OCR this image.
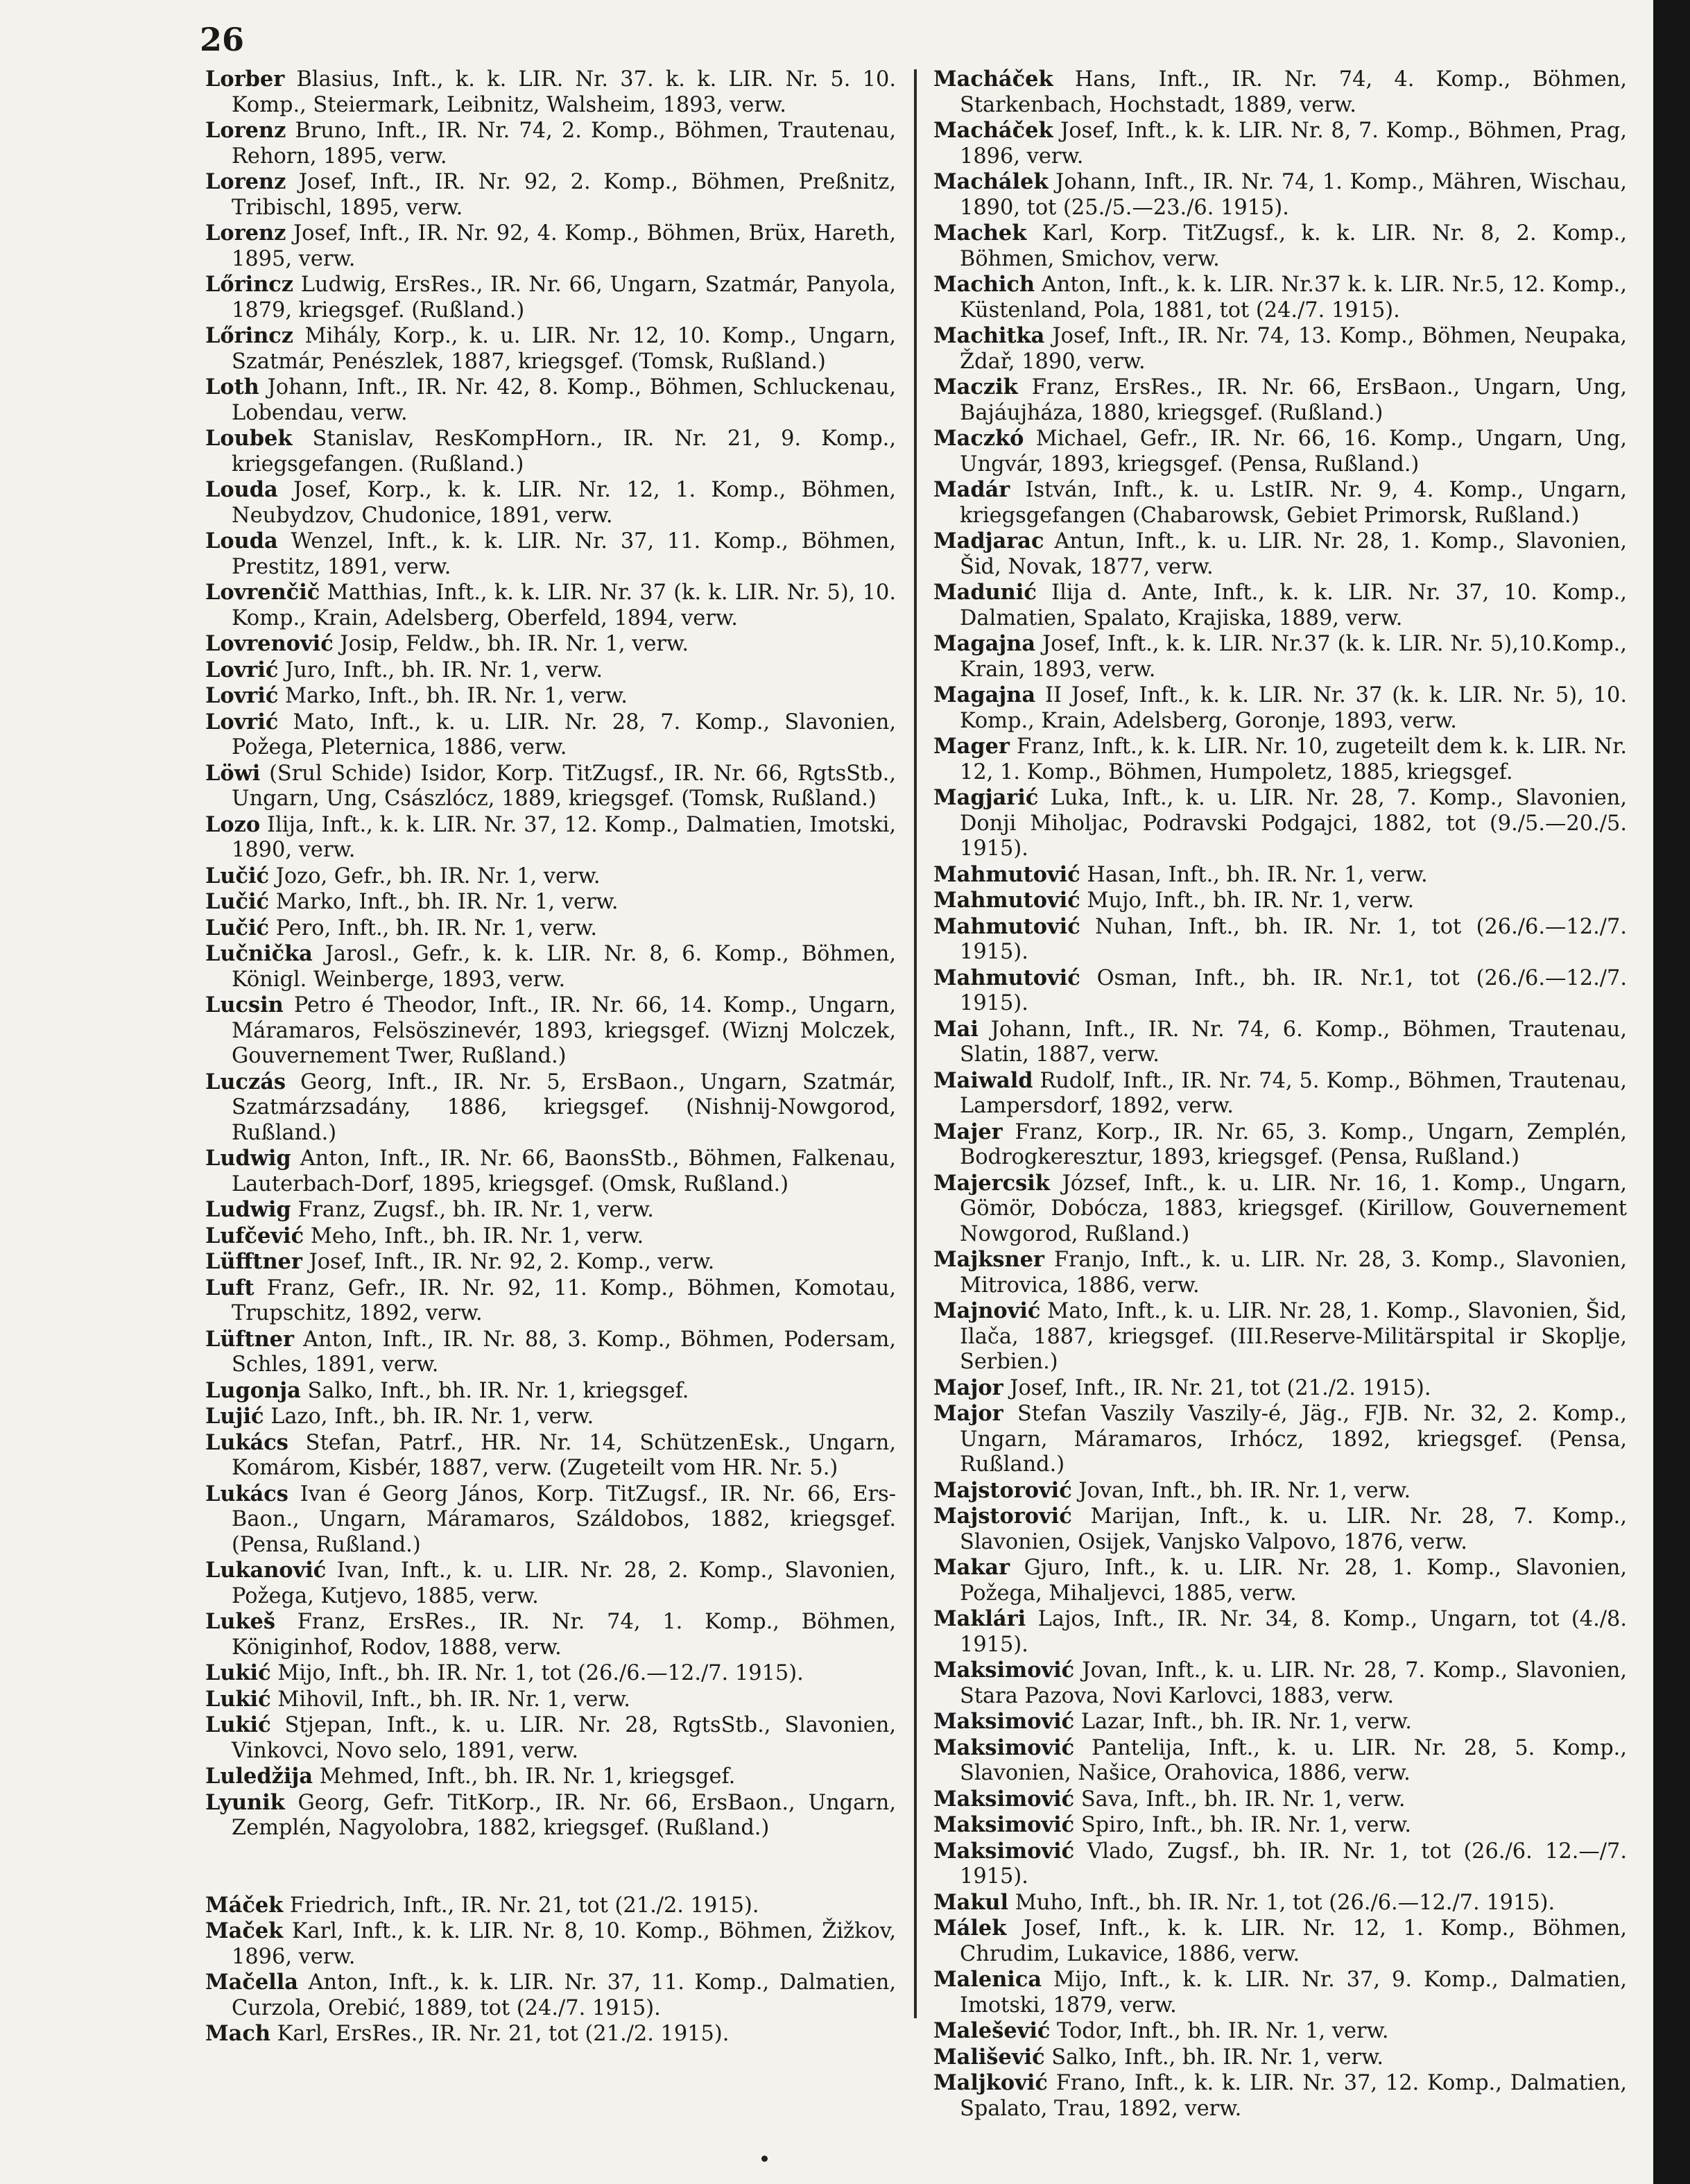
26

Lorber Blasius, Inft., k. k. LIR. Nr. 37. k. k. LIR. Nr. 5. 10. Komp., Steiermark, Leibnitz, Walsheim, 1893, verw.

Lorenz Bruno, Inft., IR. Nr. 74, 2. Komp., Böhmen, Trautenau, Rehorn, 1895, verw.

Lorenz Josef, Inft., IR. Nr. 92, 2. Komp., Böhmen, Preßnitz, Tribischl, 1895, verw.

Lorenz Josef, Inft., IR. Nr. 92, 4. Komp., Böhmen, Brüx, Hareth, 1895, verw.

Lőrincz Ludwig, ErsRes., IR. Nr. 66, Ungarn, Szatmár, Panyola, 1879, kriegsgef. (Rußland.)

Lőrincz Mihály, Korp., k. u. LIR. Nr. 12, 10. Komp., Ungarn, Szatmár, Penészlek, 1887, kriegsgef. (Tomsk, Rußland.)

Loth Johann, Inft., IR. Nr. 42, 8. Komp., Böhmen, Schluckenau, Lobendau, verw.

Loubek Stanislav, ResKompHorn., IR. Nr. 21, 9. Komp., kriegsgefangen. (Rußland.)

Louda Josef, Korp., k. k. LIR. Nr. 12, 1. Komp., Böhmen, Neubydzov, Chudonice, 1891, verw.

Louda Wenzel, Inft., k. k. LIR. Nr. 37, 11. Komp., Böhmen, Prestitz, 1891, verw.

Lovrenčič Matthias, Inft., k. k. LIR. Nr. 37 (k. k. LIR. Nr. 5), 10. Komp., Krain, Adelsberg, Oberfeld, 1894, verw.

Lovrenović Josip, Feldw., bh. IR. Nr. 1, verw.

Lovrić Juro, Inft., bh. IR. Nr. 1, verw.

Lovrić Marko, Inft., bh. IR. Nr. 1, verw.

Lovrić Mato, Inft., k. u. LIR. Nr. 28, 7. Komp., Slavonien, Požega, Pleternica, 1886, verw.

Löwi (Srul Schide) Isidor, Korp. TitZugsf., IR. Nr. 66, RgtsStb., Ungarn, Ung, Császlócz, 1889, kriegsgef. (Tomsk, Rußland.)

Lozo Ilija, Inft., k. k. LIR. Nr. 37, 12. Komp., Dalmatien, Imotski, 1890, verw.

Lučić Jozo, Gefr., bh. IR. Nr. 1, verw.

Lučić Marko, Inft., bh. IR. Nr. 1, verw.

Lučić Pero, Inft., bh. IR. Nr. 1, verw.

Lučnička Jarosl., Gefr., k. k. LIR. Nr. 8, 6. Komp., Böhmen, Königl. Weinberge, 1893, verw.

Lucsin Petro é Theodor, Inft., IR. Nr. 66, 14. Komp., Ungarn, Máramaros, Felsöszinevér, 1893, kriegsgef. (Wiznj Molczek, Gouvernement Twer, Rußland.)

Luczás Georg, Inft., IR. Nr. 5, ErsBaon., Ungarn, Szatmár, Szatmárzsadány, 1886, kriegsgef. (Nishnij-Nowgorod, Rußland.)

Ludwig Anton, Inft., IR. Nr. 66, BaonsStb., Böhmen, Falkenau, Lauterbach-Dorf, 1895, kriegsgef. (Omsk, Rußland.)

Ludwig Franz, Zugsf., bh. IR. Nr. 1, verw.

Lufčević Meho, Inft., bh. IR. Nr. 1, verw.

Lüfftner Josef, Inft., IR. Nr. 92, 2. Komp., verw.

Luft Franz, Gefr., IR. Nr. 92, 11. Komp., Böhmen, Komotau, Trupschitz, 1892, verw.

Lüftner Anton, Inft., IR. Nr. 88, 3. Komp., Böhmen, Podersam, Schles, 1891, verw.

Lugonja Salko, Inft., bh. IR. Nr. 1, kriegsgef.

Lujić Lazo, Inft., bh. IR. Nr. 1, verw.

Lukács Stefan, Patrf., HR. Nr. 14, SchützenEsk., Ungarn, Komárom, Kisbér, 1887, verw. (Zugeteilt vom HR. Nr. 5.)

Lukács Ivan é Georg János, Korp. TitZugsf., IR. Nr. 66, Ers-Baon., Ungarn, Máramaros, Száldobos, 1882, kriegsgef. (Pensa, Rußland.)

Lukanović Ivan, Inft., k. u. LIR. Nr. 28, 2. Komp., Slavonien, Požega, Kutjevo, 1885, verw.

Lukeš Franz, ErsRes., IR. Nr. 74, 1. Komp., Böhmen, Königinhof, Rodov, 1888, verw.

Lukić Mijo, Inft., bh. IR. Nr. 1, tot (26./6.—12./7. 1915).

Lukić Mihovil, Inft., bh. IR. Nr. 1, verw.

Lukić Stjepan, Inft., k. u. LIR. Nr. 28, RgtsStb., Slavonien, Vinkovci, Novo selo, 1891, verw.

Luledžija Mehmed, Inft., bh. IR. Nr. 1, kriegsgef.

Lyunik Georg, Gefr. TitKorp., IR. Nr. 66, ErsBaon., Ungarn, Zemplén, Nagyolobra, 1882, kriegsgef. (Rußland.)

Máček Friedrich, Inft., IR. Nr. 21, tot (21./2. 1915).

Maček Karl, Inft., k. k. LIR. Nr. 8, 10. Komp., Böhmen, Žižkov, 1896, verw.

Mačella Anton, Inft., k. k. LIR. Nr. 37, 11. Komp., Dalmatien, Curzola, Orebić, 1889, tot (24./7. 1915).

Mach Karl, ErsRes., IR. Nr. 21, tot (21./2. 1915).

Macháček Hans, Inft., IR. Nr. 74, 4. Komp., Böhmen, Starkenbach, Hochstadt, 1889, verw.

Macháček Josef, Inft., k. k. LIR. Nr. 8, 7. Komp., Böhmen, Prag, 1896, verw.

Machálek Johann, Inft., IR. Nr. 74, 1. Komp., Mähren, Wischau, 1890, tot (25./5.—23./6. 1915).

Machek Karl, Korp. TitZugsf., k. k. LIR. Nr. 8, 2. Komp., Böhmen, Smichov, verw.

Machich Anton, Inft., k. k. LIR. Nr.37 k. k. LIR. Nr.5, 12. Komp., Küstenland, Pola, 1881, tot (24./7. 1915).

Machitka Josef, Inft., IR. Nr. 74, 13. Komp., Böhmen, Neupaka, Ždař, 1890, verw.

Maczik Franz, ErsRes., IR. Nr. 66, ErsBaon., Ungarn, Ung, Bajáujháza, 1880, kriegsgef. (Rußland.)

Maczkó Michael, Gefr., IR. Nr. 66, 16. Komp., Ungarn, Ung, Ungvár, 1893, kriegsgef. (Pensa, Rußland.)

Madár István, Inft., k. u. LstIR. Nr. 9, 4. Komp., Ungarn, kriegsgefangen (Chabarowsk, Gebiet Primorsk, Rußland.)

Madjarac Antun, Inft., k. u. LIR. Nr. 28, 1. Komp., Slavonien, Šid, Novak, 1877, verw.

Madunić Ilija d. Ante, Inft., k. k. LIR. Nr. 37, 10. Komp., Dalmatien, Spalato, Krajiska, 1889, verw.

Magajna Josef, Inft., k. k. LIR. Nr.37 (k. k. LIR. Nr. 5),10.Komp., Krain, 1893, verw.

Magajna II Josef, Inft., k. k. LIR. Nr. 37 (k. k. LIR. Nr. 5), 10. Komp., Krain, Adelsberg, Goronje, 1893, verw.

Mager Franz, Inft., k. k. LIR. Nr. 10, zugeteilt dem k. k. LIR. Nr. 12, 1. Komp., Böhmen, Humpoletz, 1885, kriegsgef.

Magjarić Luka, Inft., k. u. LIR. Nr. 28, 7. Komp., Slavonien, Donji Miholjac, Podravski Podgajci, 1882, tot (9./5.—20./5. 1915).

Mahmutović Hasan, Inft., bh. IR. Nr. 1, verw.

Mahmutović Mujo, Inft., bh. IR. Nr. 1, verw.

Mahmutović Nuhan, Inft., bh. IR. Nr. 1, tot (26./6.—12./7. 1915).

Mahmutović Osman, Inft., bh. IR. Nr.1, tot (26./6.—12./7. 1915).

Mai Johann, Inft., IR. Nr. 74, 6. Komp., Böhmen, Trautenau, Slatin, 1887, verw.

Maiwald Rudolf, Inft., IR. Nr. 74, 5. Komp., Böhmen, Trautenau, Lampersdorf, 1892, verw.

Majer Franz, Korp., IR. Nr. 65, 3. Komp., Ungarn, Zemplén, Bodrogkeresztur, 1893, kriegsgef. (Pensa, Rußland.)

Majercsik József, Inft., k. u. LIR. Nr. 16, 1. Komp., Ungarn, Gömör, Dobócza, 1883, kriegsgef. (Kirillow, Gouvernement Nowgorod, Rußland.)

Majksner Franjo, Inft., k. u. LIR. Nr. 28, 3. Komp., Slavonien, Mitrovica, 1886, verw.

Majnović Mato, Inft., k. u. LIR. Nr. 28, 1. Komp., Slavonien, Šid, Ilača, 1887, kriegsgef. (III.Reserve-Militärspital ir Skoplje, Serbien.)

Major Josef, Inft., IR. Nr. 21, tot (21./2. 1915).

Major Stefan Vaszily Vaszily-é, Jäg., FJB. Nr. 32, 2. Komp., Ungarn, Máramaros, Irhócz, 1892, kriegsgef. (Pensa, Rußland.)

Majstorović Jovan, Inft., bh. IR. Nr. 1, verw.

Majstorović Marijan, Inft., k. u. LIR. Nr. 28, 7. Komp., Slavonien, Osijek, Vanjsko Valpovo, 1876, verw.

Makar Gjuro, Inft., k. u. LIR. Nr. 28, 1. Komp., Slavonien, Požega, Mihaljevci, 1885, verw.

Maklári Lajos, Inft., IR. Nr. 34, 8. Komp., Ungarn, tot (4./8. 1915).

Maksimović Jovan, Inft., k. u. LIR. Nr. 28, 7. Komp., Slavonien, Stara Pazova, Novi Karlovci, 1883, verw.

Maksimović Lazar, Inft., bh. IR. Nr. 1, verw.

Maksimović Pantelija, Inft., k. u. LIR. Nr. 28, 5. Komp., Slavonien, Našice, Orahovica, 1886, verw.

Maksimović Sava, Inft., bh. IR. Nr. 1, verw.

Maksimović Spiro, Inft., bh. IR. Nr. 1, verw.

Maksimović Vlado, Zugsf., bh. IR. Nr. 1, tot (26./6. 12.—/7. 1915).

Makul Muho, Inft., bh. IR. Nr. 1, tot (26./6.—12./7. 1915).

Málek Josef, Inft., k. k. LIR. Nr. 12, 1. Komp., Böhmen, Chrudim, Lukavice, 1886, verw.

Malenica Mijo, Inft., k. k. LIR. Nr. 37, 9. Komp., Dalmatien, Imotski, 1879, verw.

Malešević Todor, Inft., bh. IR. Nr. 1, verw.

Mališević Salko, Inft., bh. IR. Nr. 1, verw.

Maljković Frano, Inft., k. k. LIR. Nr. 37, 12. Komp., Dalmatien, Spalato, Trau, 1892, verw.
